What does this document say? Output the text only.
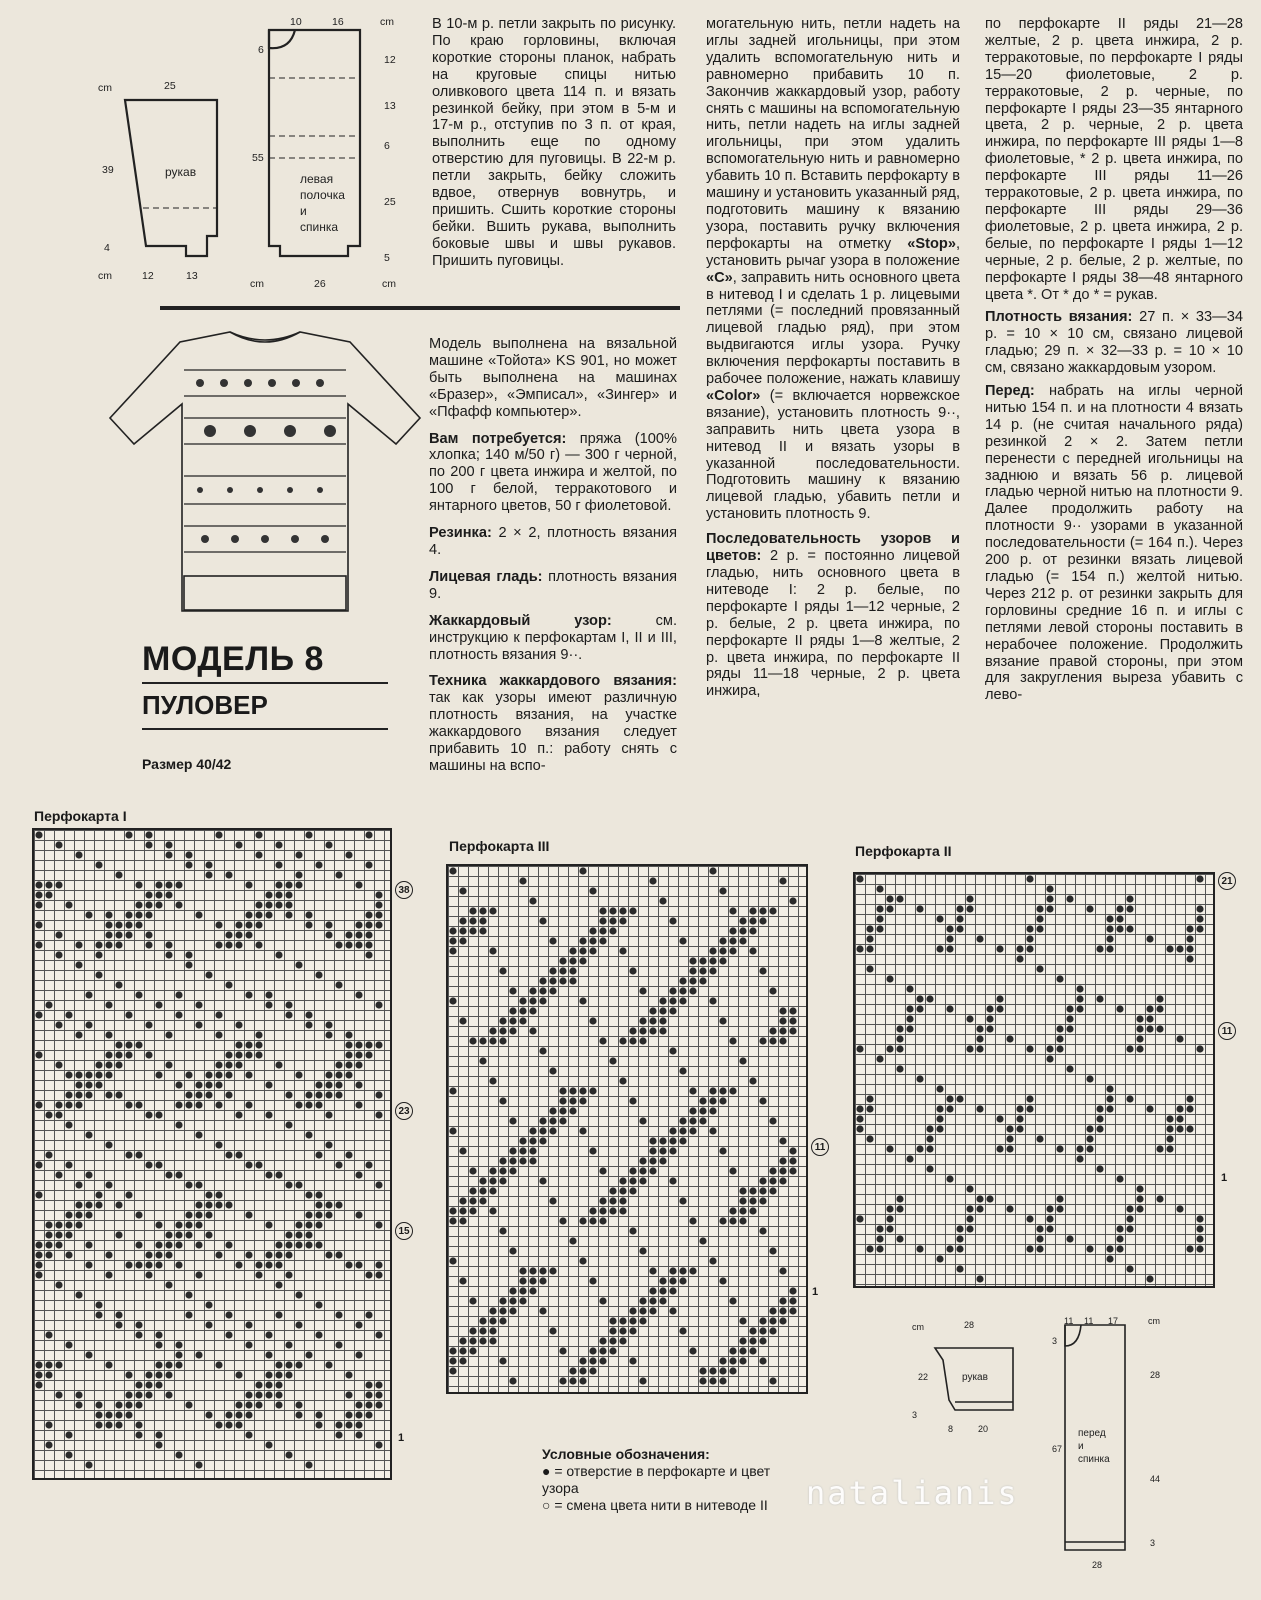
cm	25
39	рукав
4
cm	12	13
10	16	cm
6
55
12
13
6
25
5
левая
полочка
и
спинка
cm	26	cm

В 10-м р. петли закрыть по рисунку. По краю горловины, включая короткие стороны планок, набрать на круговые спицы нитью оливкового цвета 114 п. и вязать резинкой бейку, при этом в 5-м и 17-м р., отступив по 3 п. от края, выполнить еще по одному отверстию для пуговицы. В 22-м р. петли закрыть, бейку сложить вдвое, отвернув вовнутрь, и пришить. Сшить короткие стороны бейки. Вшить рукава, выполнить боковые швы и швы рукавов. Пришить пуговицы.

МОДЕЛЬ 8
ПУЛОВЕР
Размер 40/42

Модель выполнена на вязальной машине «Тойота» KS 901, но может быть выполнена на машинах «Бразер», «Эмписал», «Зингер» и «Пфафф компьютер».

Вам потребуется: пряжа (100% хлопка; 140 м/50 г) — 300 г черной, по 200 г цвета инжира и желтой, по 100 г белой, терракотового и янтарного цветов, 50 г фиолетовой.

Резинка: 2 × 2, плотность вязания 4.

Лицевая гладь: плотность вязания 9.

Жаккардовый узор: см. инструкцию к перфокартам I, II и III, плотность вязания 9··.

Техника жаккардового вязания: так как узоры имеют различную плотность вязания, на участке жаккардового вязания следует прибавить 10 п.: работу снять с машины на вспо-

могательную нить, петли надеть на иглы задней игольницы, при этом удалить вспомогательную нить и равномерно прибавить 10 п. Закончив жаккардовый узор, работу снять с машины на вспомогательную нить, петли надеть на иглы задней игольницы, при этом удалить вспомогательную нить и равномерно убавить 10 п. Вставить перфокарту в машину и установить указанный ряд, подготовить машину к вязанию узора, поставить ручку включения перфокарты на отметку «Stop», установить рычаг узора в положение «С», заправить нить основного цвета в нитевод I и сделать 1 р. лицевыми петлями (= последний провязанный лицевой гладью ряд), при этом выдвигаются иглы узора. Ручку включения перфокарты поставить в рабочее положение, нажать клавишу «Color» (= включается норвежское вязание), установить плотность 9··, заправить нить цвета узора в нитевод II и вязать узоры в указанной последовательности. Подготовить машину к вязанию лицевой гладью, убавить петли и установить плотность 9.

Последовательность узоров и цветов: 2 р. = постоянно лицевой гладью, нить основного цвета в нитеводе I: 2 р. белые, по перфокарте I ряды 1—12 черные, 2 р. белые, 2 р. цвета инжира, по перфокарте II ряды 1—8 желтые, 2 р. цвета инжира, по перфокарте II ряды 11—18 черные, 2 р. цвета инжира,

по перфокарте II ряды 21—28 желтые, 2 р. цвета инжира, 2 р. терракотовые, по перфокарте I ряды 15—20 фиолетовые, 2 р. терракотовые, 2 р. черные, по перфокарте I ряды 23—35 янтарного цвета, 2 р. черные, 2 р. цвета инжира, по перфокарте III ряды 1—8 фиолетовые, * 2 р. цвета инжира, по перфокарте III ряды 11—26 терракотовые, 2 р. цвета инжира, по перфокарте III ряды 29—36 фиолетовые, 2 р. цвета инжира, 2 р. белые, по перфокарте I ряды 1—12 черные, 2 р. белые, 2 р. желтые, по перфокарте I ряды 38—48 янтарного цвета *. От * до * = рукав.

Плотность вязания: 27 п. × 33—34 р. = 10 × 10 см, связано лицевой гладью; 29 п. × 32—33 р. = 10 × 10 см, связано жаккардовым узором.

Перед: набрать на иглы черной нитью 154 п. и на плотности 4 вязать 14 р. (не считая начального ряда) резинкой 2 × 2. Затем петли перенести с передней игольницы на заднюю и вязать 56 р. лицевой гладью черной нитью на плотности 9. Далее продолжить работу на плотности 9·· узорами в указанной последовательности (= 164 п.). Через 200 р. от резинки вязать лицевой гладью (= 154 п.) желтой нитью. Через 212 р. от резинки закрыть для горловины средние 16 п. и иглы с петлями левой стороны поставить в нерабочее положение. Продолжить вязание правой стороны, при этом для закругления выреза убавить с лево-

Перфокарта I
38
23
15
1
Перфокарта III
11
1
Перфокарта II
21
11
1
cm	28
22	рукав
3
8	20
11 11 17	cm
3
28
67
44
3
28
перед
и
спинка
Условные обозначения:
● = отверстие в перфокарте и цвет узора
○ = смена цвета нити в нитеводе II	natalianis
